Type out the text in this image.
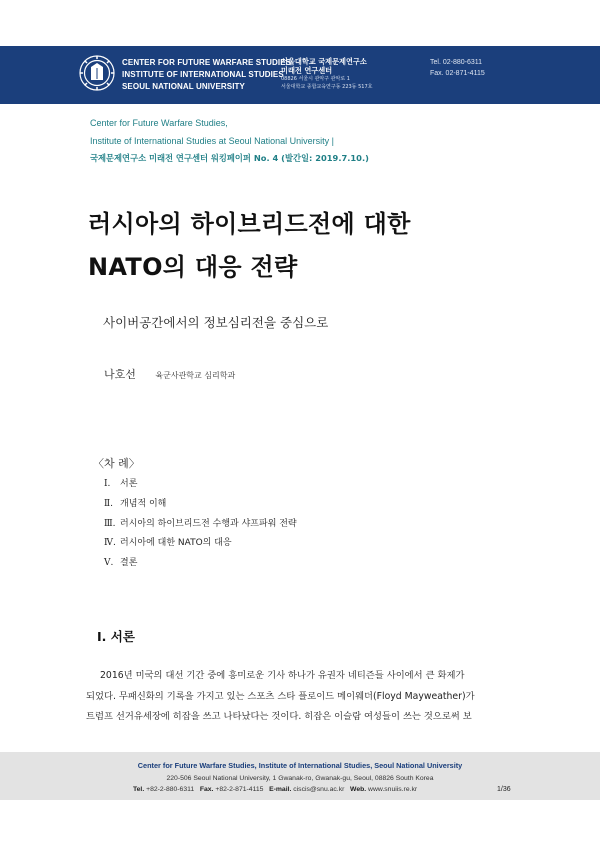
CENTER FOR FUTURE WARFARE STUDIES
INSTITUTE OF INTERNATIONAL STUDIES
SEOUL NATIONAL UNIVERSITY
서울대학교 국제문제연구소
미래전 연구센터
08826 서울시 관악구 관악로 1
서울대학교 종합교육연구동 223동 517호
Tel. 02-880-6311
Fax. 02-871-4115
Center for Future Warfare Studies,
Institute of International Studies at Seoul National University |
국제문제연구소 미래전 연구센터 워킹페이퍼 No. 4 (발간일: 2019.7.10.)
러시아의 하이브리드전에 대한
NATO의 대응 전략
사이버공간에서의 정보심리전을 중심으로
나호선 육군사관학교 심리학과
〈차 례〉
Ⅰ. 서론
Ⅱ. 개념적 이해
Ⅲ. 러시아의 하이브리드전 수행과 샤프파워 전략
Ⅳ. 러시아에 대한 NATO의 대응
Ⅴ. 결론
Ⅰ. 서론

2016년 미국의 대선 기간 중에 흥미로운 기사 하나가 유권자 네티즌들 사이에서 큰 화제가
되었다. 무패신화의 기록을 가지고 있는 스포츠 스타 플로이드 메이웨더(Floyd Mayweather)가
트럼프 선거유세장에 히잡을 쓰고 나타났다는 것이다. 히잡은 이슬람 여성들이 쓰는 것으로써 보

Center for Future Warfare Studies, Institute of International Studies, Seoul National University
220-506 Seoul National University, 1 Gwanak-ro, Gwanak-gu, Seoul, 08826 South Korea
Tel. +82-2-880-6311 Fax. +82-2-871-4115 E-mail. ciscis@snu.ac.kr Web. www.snuiis.re.kr	1/36
